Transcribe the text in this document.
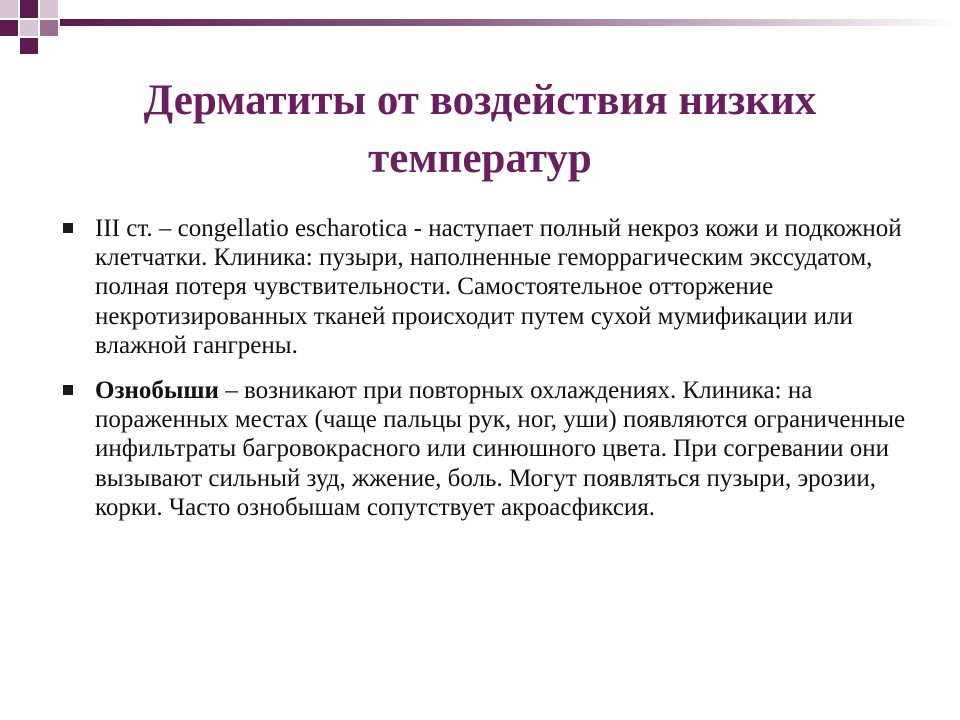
Дерматиты от воздействия низких температур
III ст. – congellatio escharotica - наступает полный некроз кожи и подкожной клетчатки. Клиника: пузыри, наполненные геморрагическим экссудатом, полная потеря чувствительности. Самостоятельное отторжение некротизированных тканей происходит путем сухой мумификации или влажной гангрены.
Ознобыши – возникают при повторных охлаждениях. Клиника: на пораженных местах (чаще пальцы рук, ног, уши) появляются ограниченные инфильтраты багровокрасного или синюшного цвета. При согревании они вызывают сильный зуд, жжение, боль. Могут появляться пузыри, эрозии, корки. Часто ознобышам сопутствует акроасфиксия.
